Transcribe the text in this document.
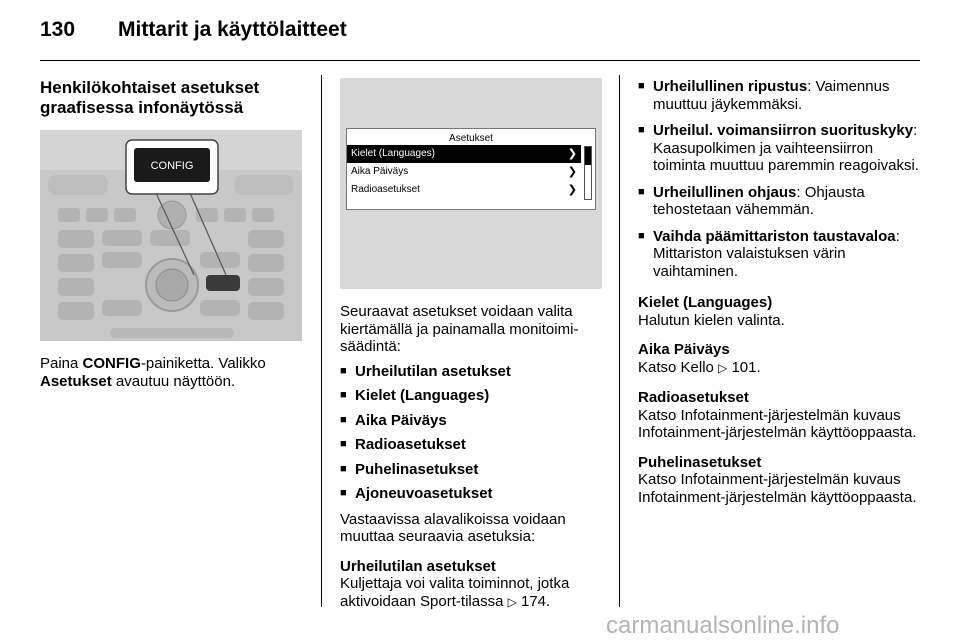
130 Mittarit ja käyttölaitteet
Henkilökohtaiset asetukset
graafisessa infonäytössä
CONFIG

Paina CONFIG-painiketta. Valikko Asetukset avautuu näyttöön.

Asetukset
Kielet (Languages)	❯
Aika Päiväys	❯
Radioasetukset	❯

Seuraavat asetukset voidaan valita kiertämällä ja painamalla monitoimisäädintä:

■ Urheilutilan asetukset
■ Kielet (Languages)
■ Aika Päiväys
■ Radioasetukset
■ Puhelinasetukset
■ Ajoneuvoasetukset

Vastaavissa alavalikoissa voidaan muuttaa seuraavia asetuksia:

Urheilutilan asetukset

Kuljettaja voi valita toiminnot, jotka aktivoidaan Sport-tilassa ▷ 174.

■ Urheilullinen ripustus: Vaimennus muuttuu jäykemmäksi.
■ Urheilul. voimansiirron suorituskyky: Kaasupolkimen ja vaihteensiirron toiminta muuttuu paremmin reagoivaksi.
■ Urheilullinen ohjaus: Ohjausta tehostetaan vähemmän.
■ Vaihda päämittariston taustavaloa: Mittariston valaistuksen värin vaihtaminen.
Kielet (Languages)

Halutun kielen valinta.

Aika Päiväys

Katso Kello ▷ 101.

Radioasetukset

Katso Infotainment-järjestelmän kuvaus Infotainment-järjestelmän käyttöoppaasta.

Puhelinasetukset

Katso Infotainment-järjestelmän kuvaus Infotainment-järjestelmän käyttöoppaasta.

carmanualsonline.info
